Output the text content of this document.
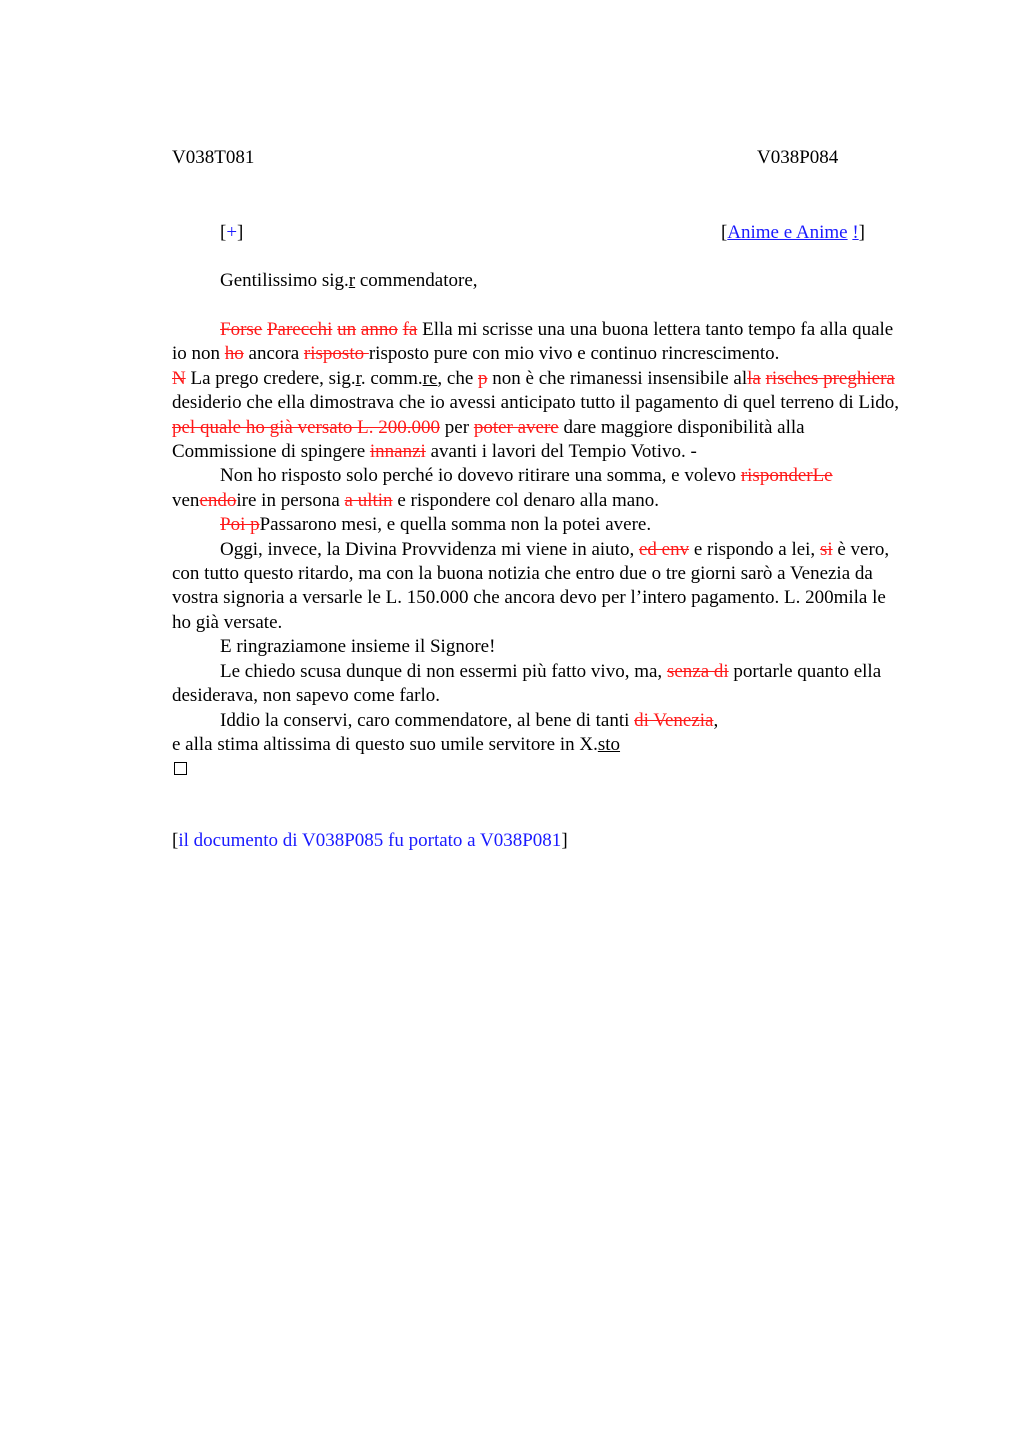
V038T081	V038P084
[+]	[Anime e Anime !]
Gentilissimo sig.r commendatore,

Forse Parecchi un anno fa Ella mi scrisse una una buona lettera tanto tempo fa alla quale io non ho ancora risposto risposto pure con mio vivo e continuo rincrescimento.

N La prego credere, sig.r. comm.re, che p non è che rimanessi insensibile alla risches preghiera desiderio che ella dimostrava che io avessi anticipato tutto il pagamento di quel terreno di Lido, pel quale ho già versato L. 200.000 per poter avere dare maggiore disponibilità alla Commissione di spingere innanzi avanti i lavori del Tempio Votivo. -

Non ho risposto solo perché io dovevo ritirare una somma, e volevo risponderLe venendoire in persona a ultin e rispondere col denaro alla mano.

Poi pPassarono mesi, e quella somma non la potei avere.

Oggi, invece, la Divina Provvidenza mi viene in aiuto, ed env e rispondo a lei, si è vero, con tutto questo ritardo, ma con la buona notizia che entro due o tre giorni sarò a Venezia da vostra signoria a versarle le L. 150.000 che ancora devo per l’intero pagamento. L. 200mila le ho già versate.

E ringraziamone insieme il Signore!

Le chiedo scusa dunque di non essermi più fatto vivo, ma, senza di portarle quanto ella desiderava, non sapevo come farlo.

Iddio la conservi, caro commendatore, al bene di tanti di Venezia,

e alla stima altissima di questo suo umile servitore in X.sto

[il documento di V038P085 fu portato a V038P081]
